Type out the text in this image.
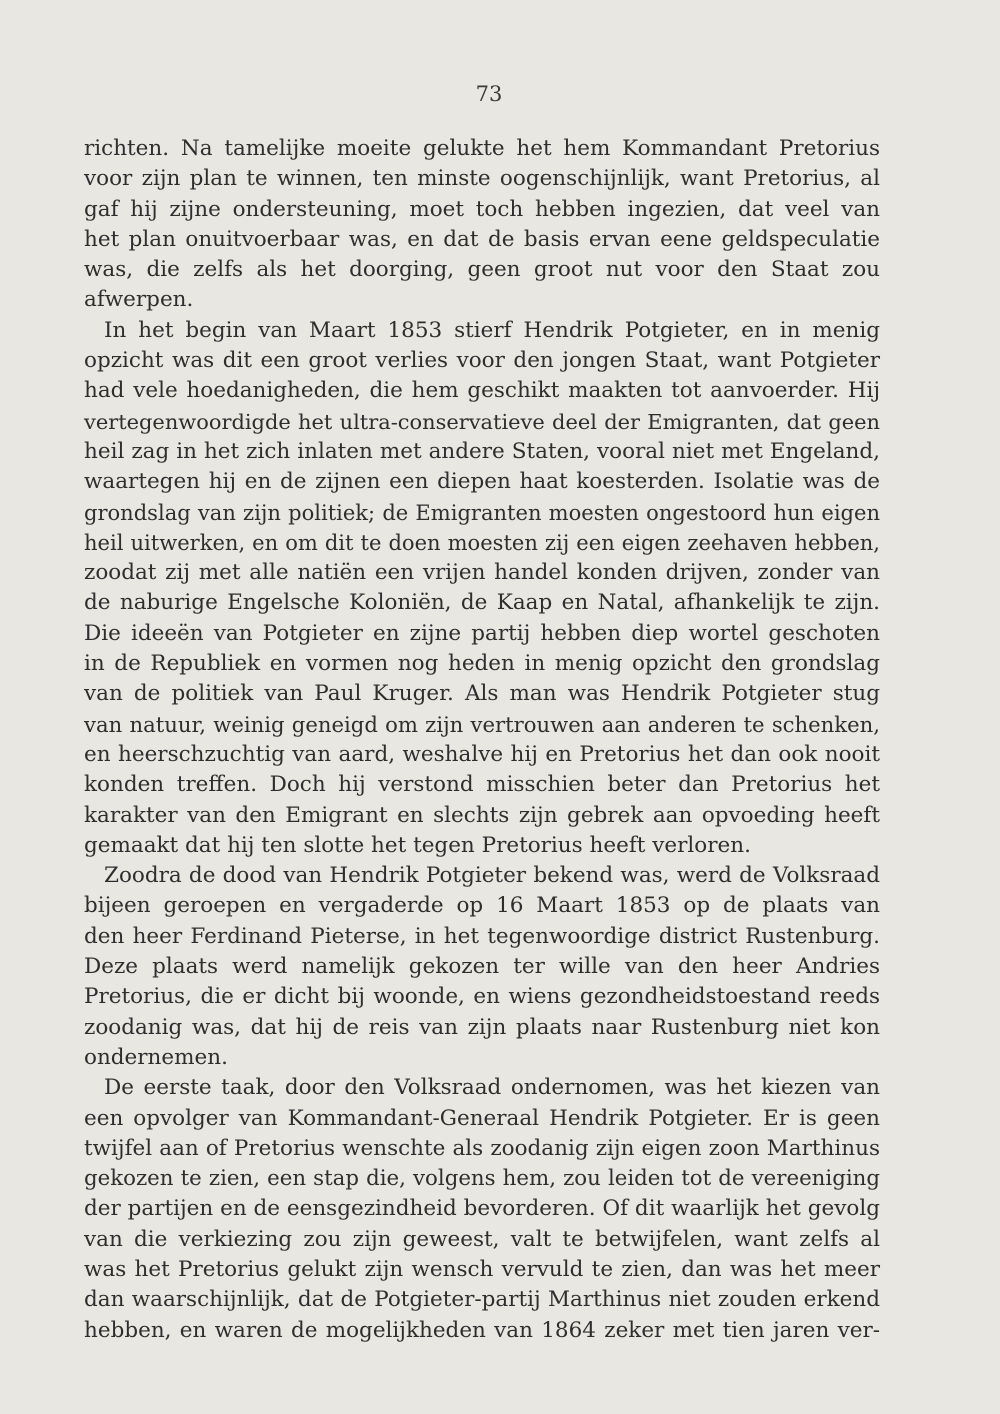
73
richten. Na tamelijke moeite gelukte het hem Kommandant Pretorius
voor zijn plan te winnen, ten minste oogenschijnlijk, want Pretorius, al
gaf hij zijne ondersteuning, moet toch hebben ingezien, dat veel van
het plan onuitvoerbaar was, en dat de basis ervan eene geldspeculatie
was, die zelfs als het doorging, geen groot nut voor den Staat zou
afwerpen.
In het begin van Maart 1853 stierf Hendrik Potgieter, en in menig
opzicht was dit een groot verlies voor den jongen Staat, want Potgieter
had vele hoedanigheden, die hem geschikt maakten tot aanvoerder. Hij
vertegenwoordigde het ultra-conservatieve deel der Emigranten, dat geen
heil zag in het zich inlaten met andere Staten, vooral niet met Engeland,
waartegen hij en de zijnen een diepen haat koesterden. Isolatie was de
grondslag van zijn politiek; de Emigranten moesten ongestoord hun eigen
heil uitwerken, en om dit te doen moesten zij een eigen zeehaven hebben,
zoodat zij met alle natiën een vrijen handel konden drijven, zonder van
de naburige Engelsche Koloniën, de Kaap en Natal, afhankelijk te zijn.
Die ideeën van Potgieter en zijne partij hebben diep wortel geschoten
in de Republiek en vormen nog heden in menig opzicht den grondslag
van de politiek van Paul Kruger. Als man was Hendrik Potgieter stug
van natuur, weinig geneigd om zijn vertrouwen aan anderen te schenken,
en heerschzuchtig van aard, weshalve hij en Pretorius het dan ook nooit
konden treffen. Doch hij verstond misschien beter dan Pretorius het
karakter van den Emigrant en slechts zijn gebrek aan opvoeding heeft
gemaakt dat hij ten slotte het tegen Pretorius heeft verloren.
Zoodra de dood van Hendrik Potgieter bekend was, werd de Volksraad
bijeen geroepen en vergaderde op 16 Maart 1853 op de plaats van
den heer Ferdinand Pieterse, in het tegenwoordige district Rustenburg.
Deze plaats werd namelijk gekozen ter wille van den heer Andries
Pretorius, die er dicht bij woonde, en wiens gezondheidstoestand reeds
zoodanig was, dat hij de reis van zijn plaats naar Rustenburg niet kon
ondernemen.
De eerste taak, door den Volksraad ondernomen, was het kiezen van
een opvolger van Kommandant-Generaal Hendrik Potgieter. Er is geen
twijfel aan of Pretorius wenschte als zoodanig zijn eigen zoon Marthinus
gekozen te zien, een stap die, volgens hem, zou leiden tot de vereeniging
der partijen en de eensgezindheid bevorderen. Of dit waarlijk het gevolg
van die verkiezing zou zijn geweest, valt te betwijfelen, want zelfs al
was het Pretorius gelukt zijn wensch vervuld te zien, dan was het meer
dan waarschijnlijk, dat de Potgieter-partij Marthinus niet zouden erkend
hebben, en waren de mogelijkheden van 1864 zeker met tien jaren ver-
